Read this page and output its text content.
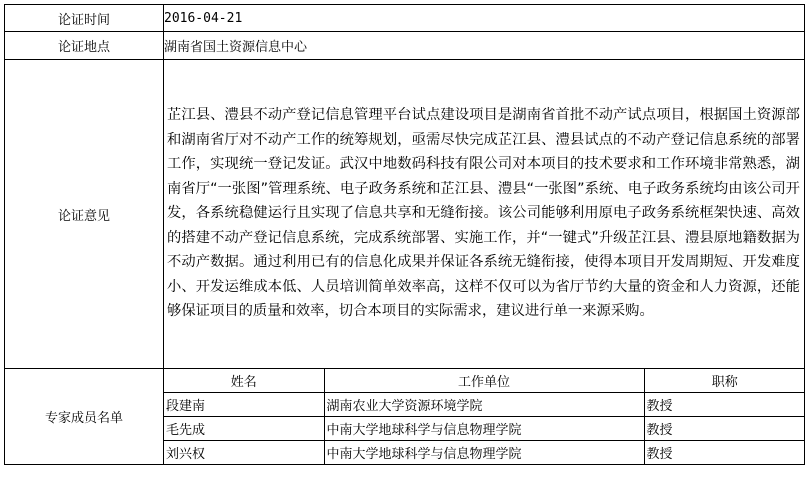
论证时间	2016-04-21
论证地点	湖南省国土资源信息中心
论证意见	
芷江县、澧县不动产登记信息管理平台试点建设项目是湖南省首批不动产试点项目，根据国土资源部和湖南省厅对不动产工作的统筹规划，亟需尽快完成芷江县、澧县试点的不动产登记信息系统的部署工作，实现统一登记发证。武汉中地数码科技有限公司对本项目的技术要求和工作环境非常熟悉，湖南省厅“一张图”管理系统、电子政务系统和芷江县、澧县“一张图”系统、电子政务系统均由该公司开发，各系统稳健运行且实现了信息共享和无缝衔接。该公司能够利用原电子政务系统框架快速、高效的搭建不动产登记信息系统，完成系统部署、实施工作，并“一键式”升级芷江县、澧县原地籍数据为不动产数据。通过利用已有的信息化成果并保证各系统无缝衔接，使得本项目开发周期短、开发难度小、开发运维成本低、人员培训简单效率高，这样不仅可以为省厅节约大量的资金和人力资源，还能够保证项目的质量和效率，切合本项目的实际需求，建议进行单一来源采购。

专家成员名单	
姓名	工作单位	职称
段建南	湖南农业大学资源环境学院	教授
毛先成	中南大学地球科学与信息物理学院	教授
刘兴权	中南大学地球科学与信息物理学院	教授
